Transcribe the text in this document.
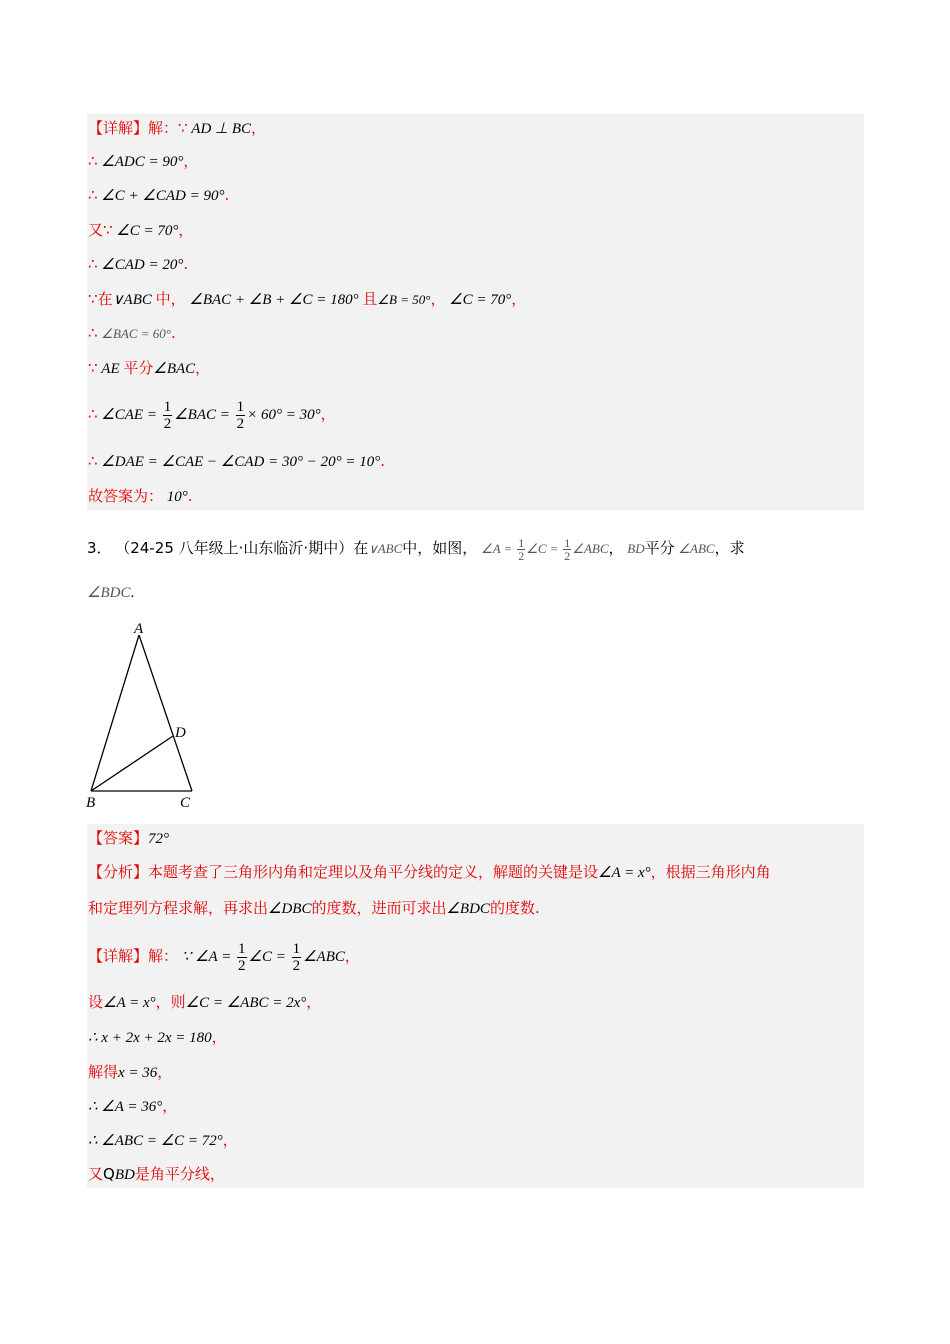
【详解】解：∵ AD ⊥ BC，
∴ ∠ADC = 90°，
∴ ∠C + ∠CAD = 90°.
又∵ ∠C = 70°，
∴ ∠CAD = 20°.
∵在∨ABC 中， ∠BAC + ∠B + ∠C = 180° 且∠B = 50°， ∠C = 70°，
∴ ∠BAC = 60°.
∵ AE 平分∠BAC，
∴ ∠CAE = $\frac{1}{2}$ ∠BAC = $\frac{1}{2} \times 60^\circ = 30^\circ$，
∴ ∠DAE = ∠CAE − ∠CAD = 30° − 20° = 10°.
故答案为： 10°.
3． （24-25 八年级上·山东临沂·期中）在∨ABC中，如图， ∠A = $\frac{1}{2}$ ∠C = $\frac{1}{2}$ ∠ABC， BD平分 ∠ABC，求
∠BDC.
A
D
B	C
【答案】72°
【分析】本题考查了三角形内角和定理以及角平分线的定义，解题的关键是设∠A = x°，根据三角形内角
和定理列方程求解，再求出∠DBC的度数，进而可求出∠BDC的度数.
【详解】解： ∵ ∠A = $\frac{1}{2}$ ∠C = $\frac{1}{2}$ ∠ABC，
设∠A = x°，则∠C = ∠ABC = 2x°，
∴ x + 2x + 2x = 180，
解得x = 36，
∴ ∠A = 36°，
∴ ∠ABC = ∠C = 72°，
又QBD是角平分线，
